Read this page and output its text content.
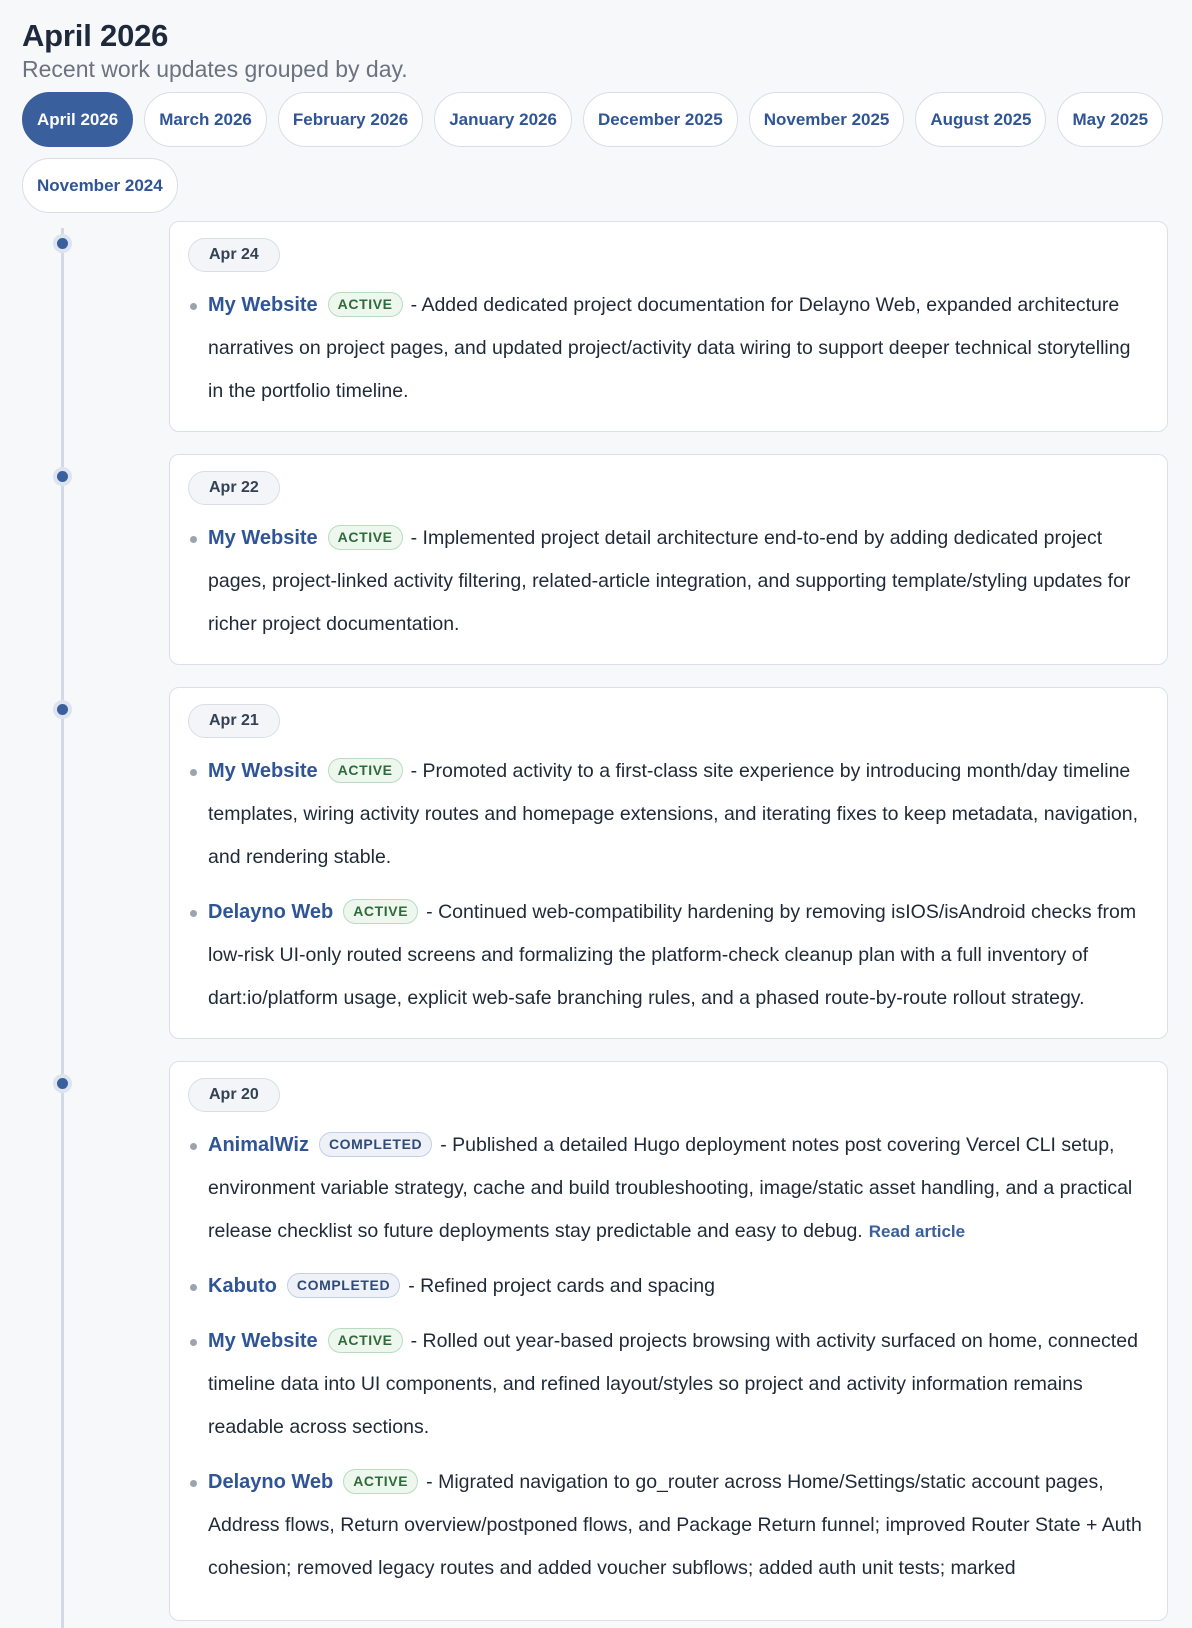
April 2026

Recent work updates grouped by day.

April 2026	March 2026	February 2026	January 2026	December 2025	November 2025	August 2025	May 2025
November 2024
Apr 24
My Website ACTIVE - Added dedicated project documentation for Delayno Web, expanded architecture narratives on project pages, and updated project/activity data wiring to support deeper technical storytelling in the portfolio timeline.
Apr 22
My Website ACTIVE - Implemented project detail architecture end-to-end by adding dedicated project pages, project-linked activity filtering, related-article integration, and supporting template/styling updates for richer project documentation.
Apr 21
My Website ACTIVE - Promoted activity to a first-class site experience by introducing month/day timeline templates, wiring activity routes and homepage extensions, and iterating fixes to keep metadata, navigation, and rendering stable.
Delayno Web ACTIVE - Continued web-compatibility hardening by removing isIOS/isAndroid checks from low-risk UI-only routed screens and formalizing the platform-check cleanup plan with a full inventory of dart:io/platform usage, explicit web-safe branching rules, and a phased route-by-route rollout strategy.
Apr 20
AnimalWiz COMPLETED - Published a detailed Hugo deployment notes post covering Vercel CLI setup, environment variable strategy, cache and build troubleshooting, image/static asset handling, and a practical release checklist so future deployments stay predictable and easy to debug. Read article
Kabuto COMPLETED - Refined project cards and spacing
My Website ACTIVE - Rolled out year-based projects browsing with activity surfaced on home, connected timeline data into UI components, and refined layout/styles so project and activity information remains readable across sections.
Delayno Web ACTIVE - Migrated navigation to go_router across Home/Settings/static account pages, Address flows, Return overview/postponed flows, and Package Return funnel; improved Router State + Auth cohesion; removed legacy routes and added voucher subflows; added auth unit tests; marked
